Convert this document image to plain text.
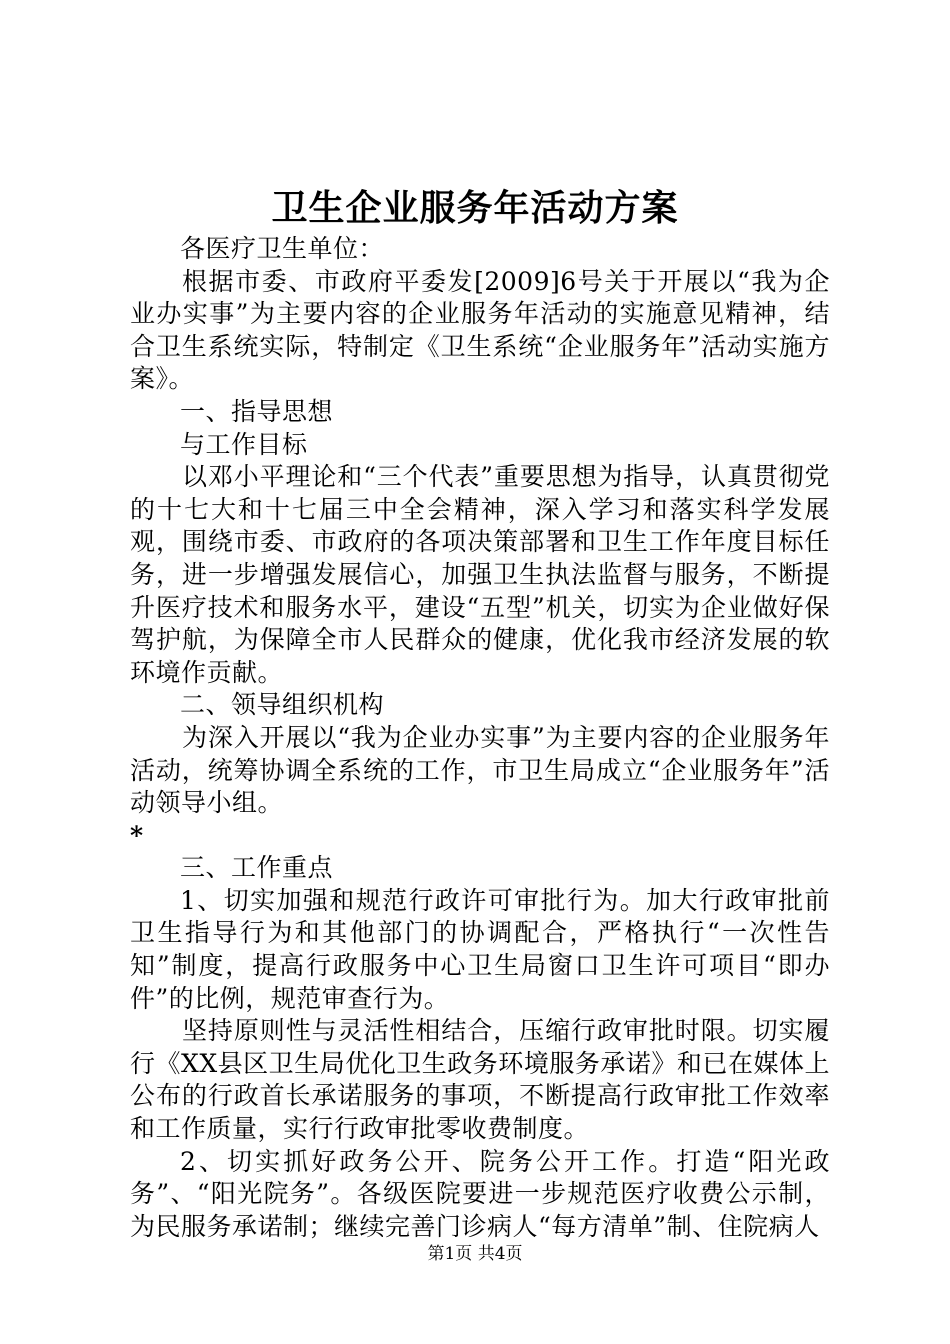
卫生企业服务年活动方案

各医疗卫生单位：

根据市委、市政府平委发[2009]6号关于开展以“我为企业办实事”为主要内容的企业服务年活动的实施意见精神，结合卫生系统实际，特制定《卫生系统“企业服务年”活动实施方案》。

一、指导思想

与工作目标

以邓小平理论和“三个代表”重要思想为指导，认真贯彻党的十七大和十七届三中全会精神，深入学习和落实科学发展观，围绕市委、市政府的各项决策部署和卫生工作年度目标任务，进一步增强发展信心，加强卫生执法监督与服务，不断提升医疗技术和服务水平，建设“五型”机关，切实为企业做好保驾护航，为保障全市人民群众的健康，优化我市经济发展的软环境作贡献。

二、领导组织机构

为深入开展以“我为企业办实事”为主要内容的企业服务年活动，统筹协调全系统的工作，市卫生局成立“企业服务年”活动领导小组。

*

三、工作重点

1、切实加强和规范行政许可审批行为。加大行政审批前卫生指导行为和其他部门的协调配合，严格执行“一次性告知”制度，提高行政服务中心卫生局窗口卫生许可项目“即办件”的比例，规范审查行为。

坚持原则性与灵活性相结合，压缩行政审批时限。切实履行《XX县区卫生局优化卫生政务环境服务承诺》和已在媒体上公布的行政首长承诺服务的事项，不断提高行政审批工作效率和工作质量，实行行政审批零收费制度。

2、切实抓好政务公开、院务公开工作。打造“阳光政务”、“阳光院务”。各级医院要进一步规范医疗收费公示制，为民服务承诺制；继续完善门诊病人“每方清单”制、住院病人

第1页 共4页
